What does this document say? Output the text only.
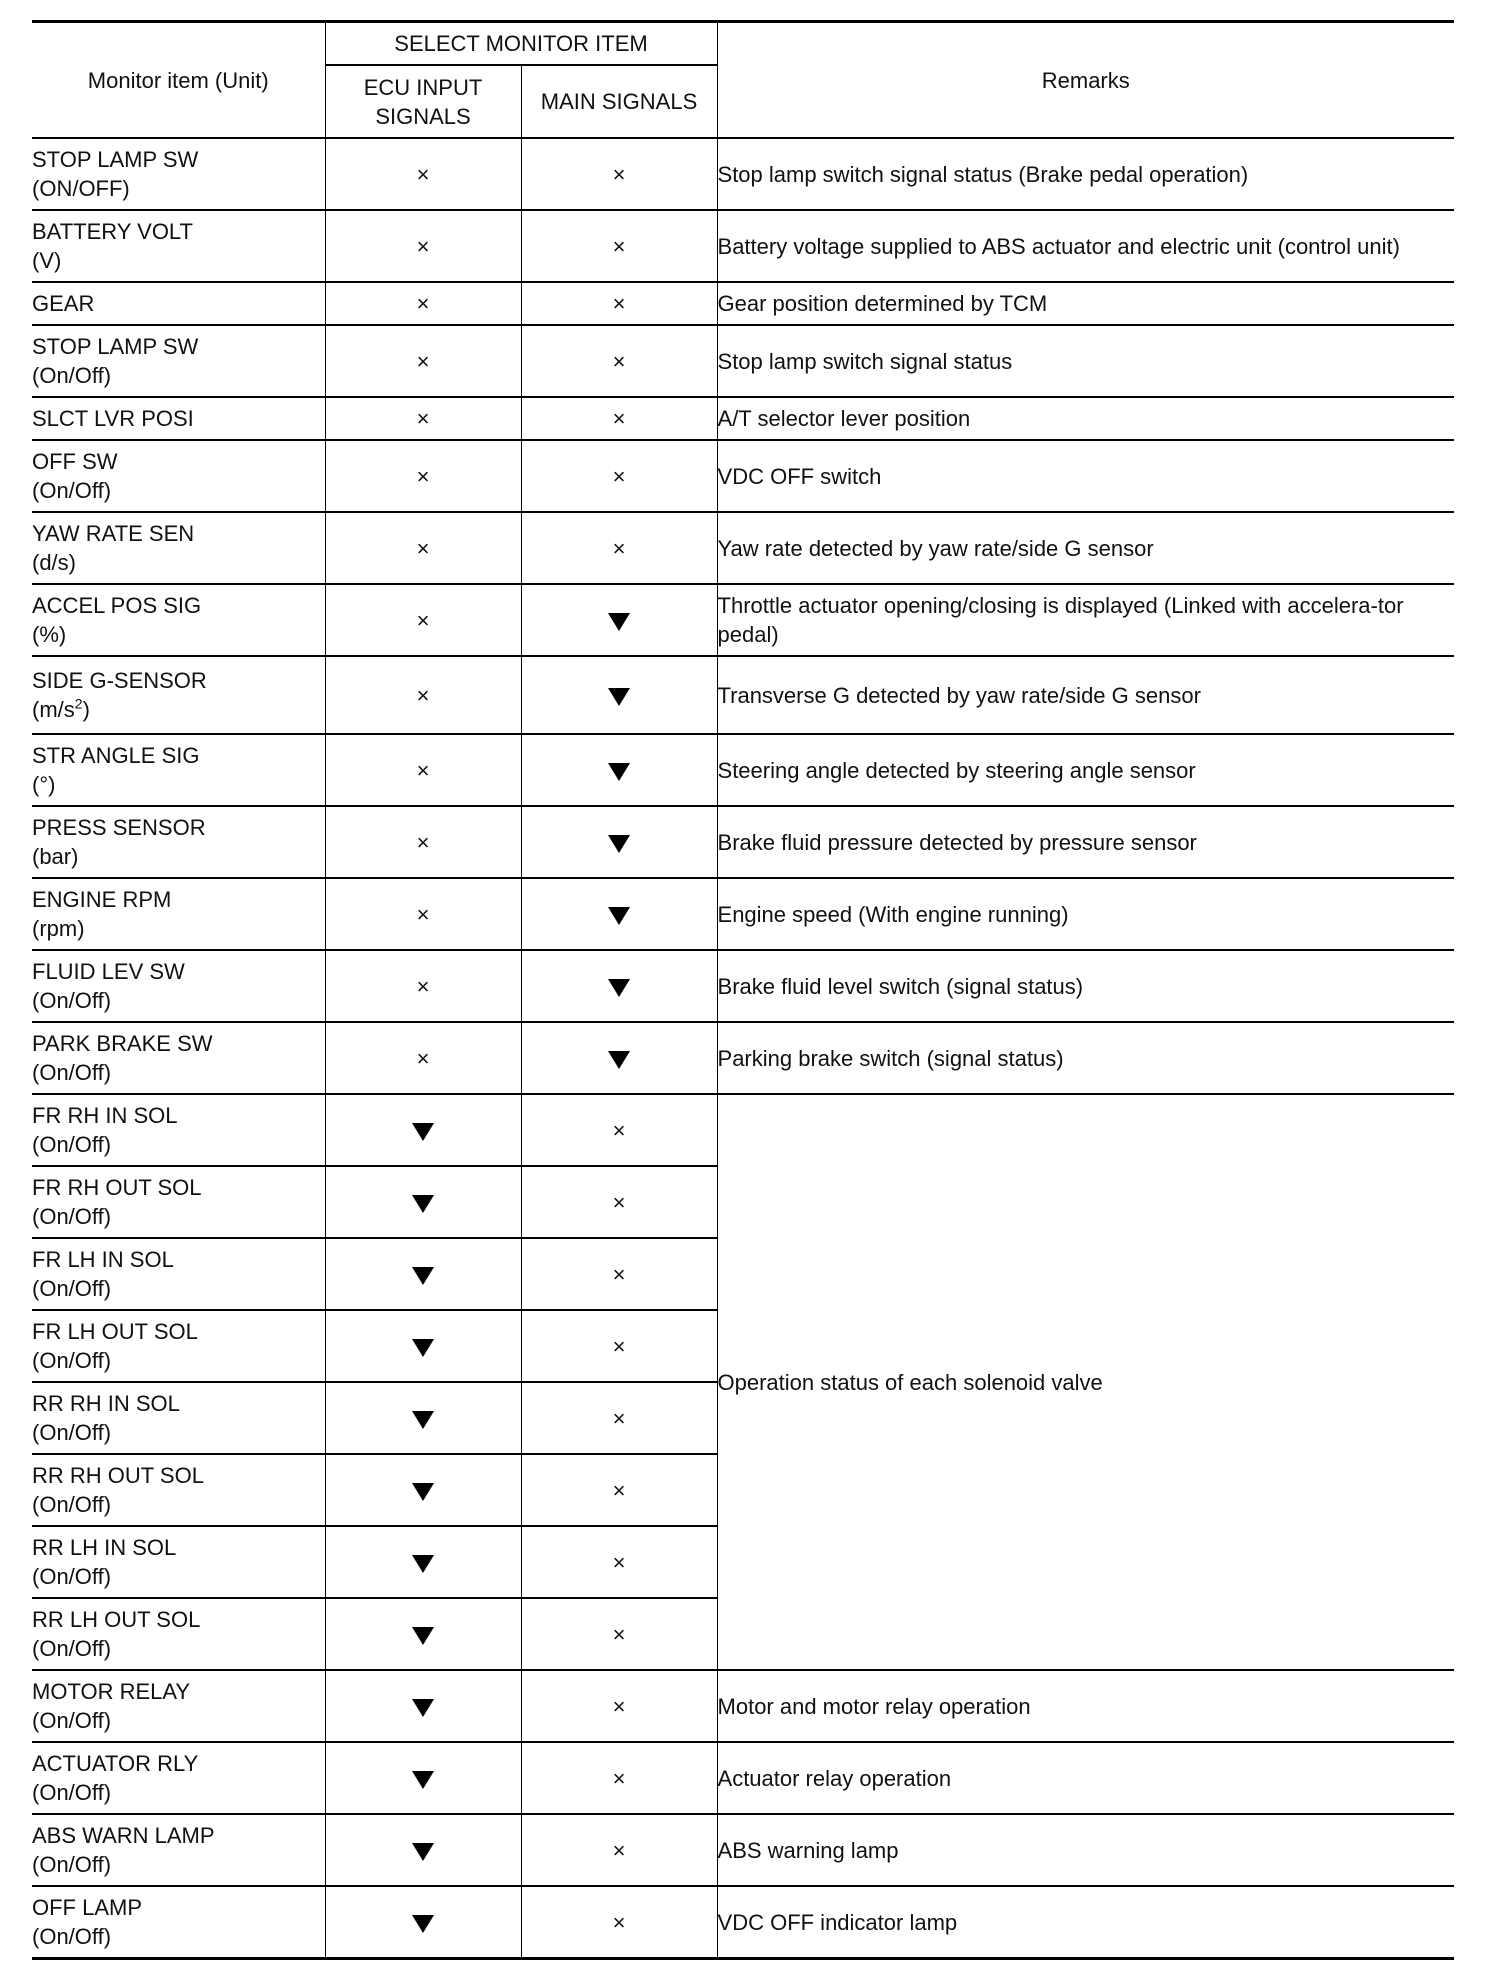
Monitor item (Unit)	SELECT MONITOR ITEM		Remarks

	ECU INPUT
SIGNALS	MAIN SIGNALS	

STOP LAMP SW
(ON/OFF)	×	×	Stop lamp switch signal status (Brake pedal operation)

BATTERY VOLT
(V)	×	×	Battery voltage supplied to ABS actuator and electric unit (control unit)

GEAR	×	×	Gear position determined by TCM

STOP LAMP SW
(On/Off)	×	×	Stop lamp switch signal status

SLCT LVR POSI	×	×	A/T selector lever position

OFF SW
(On/Off)	×	×	VDC OFF switch

YAW RATE SEN
(d/s)	×	×	Yaw rate detected by yaw rate/side G sensor

ACCEL POS SIG
(%)	×		Throttle actuator opening/closing is displayed (Linked with accelera-tor pedal)

SIDE G-SENSOR
$(m/s^2)$	×		Transverse G detected by yaw rate/side G sensor

STR ANGLE SIG
(°)	×		Steering angle detected by steering angle sensor

PRESS SENSOR
(bar)	×		Brake fluid pressure detected by pressure sensor

ENGINE RPM
(rpm)	×		Engine speed (With engine running)

FLUID LEV SW
(On/Off)	×		Brake fluid level switch (signal status)

PARK BRAKE SW
(On/Off)	×		Parking brake switch (signal status)

FR RH IN SOL
(On/Off)		×	Operation status of each solenoid valve

FR RH OUT SOL
(On/Off)		×	

FR LH IN SOL
(On/Off)		×	

FR LH OUT SOL
(On/Off)		×	

RR RH IN SOL
(On/Off)		×	

RR RH OUT SOL
(On/Off)		×	

RR LH IN SOL
(On/Off)		×	

RR LH OUT SOL
(On/Off)		×	

MOTOR RELAY
(On/Off)		×	Motor and motor relay operation

ACTUATOR RLY
(On/Off)		×	Actuator relay operation

ABS WARN LAMP
(On/Off)		×	ABS warning lamp

OFF LAMP
(On/Off)		×	VDC OFF indicator lamp
